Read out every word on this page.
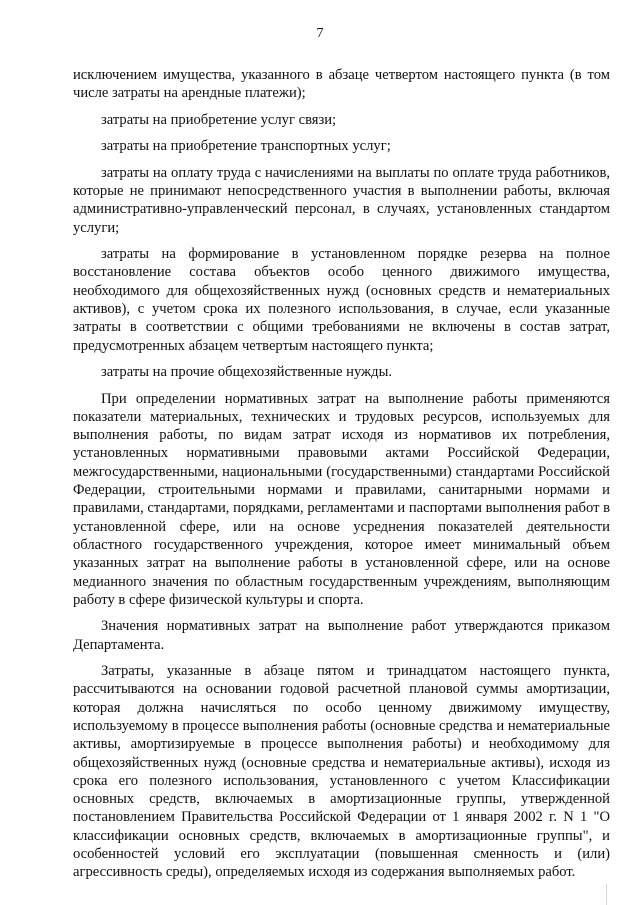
7

исключением имущества, указанного в абзаце четвертом настоящего пункта (в том числе затраты на арендные платежи);

затраты на приобретение услуг связи;

затраты на приобретение транспортных услуг;

затраты на оплату труда с начислениями на выплаты по оплате труда работников, которые не принимают непосредственного участия в выполнении работы, включая административно-управленческий персонал, в случаях, установленных стандартом услуги;

затраты на формирование в установленном порядке резерва на полное восстановление состава объектов особо ценного движимого имущества, необходимого для общехозяйственных нужд (основных средств и нематериальных активов), с учетом срока их полезного использования, в случае, если указанные затраты в соответствии с общими требованиями не включены в состав затрат, предусмотренных абзацем четвертым настоящего пункта;

затраты на прочие общехозяйственные нужды.

При определении нормативных затрат на выполнение работы применяются показатели материальных, технических и трудовых ресурсов, используемых для выполнения работы, по видам затрат исходя из нормативов их потребления, установленных нормативными правовыми актами Российской Федерации, межгосударственными, национальными (государственными) стандартами Российской Федерации, строительными нормами и правилами, санитарными нормами и правилами, стандартами, порядками, регламентами и паспортами выполнения работ в установленной сфере, или на основе усреднения показателей деятельности областного государственного учреждения, которое имеет минимальный объем указанных затрат на выполнение работы в установленной сфере, или на основе медианного значения по областным государственным учреждениям, выполняющим работу в сфере физической культуры и спорта.

Значения нормативных затрат на выполнение работ утверждаются приказом Департамента.

Затраты, указанные в абзаце пятом и тринадцатом настоящего пункта, рассчитываются на основании годовой расчетной плановой суммы амортизации, которая должна начисляться по особо ценному движимому имуществу, используемому в процессе выполнения работы (основные средства и нематериальные активы, амортизируемые в процессе выполнения работы) и необходимому для общехозяйственных нужд (основные средства и нематериальные активы), исходя из срока его полезного использования, установленного с учетом Классификации основных средств, включаемых в амортизационные группы, утвержденной постановлением Правительства Российской Федерации от 1 января 2002 г. N 1 "О классификации основных средств, включаемых в амортизационные группы", и особенностей условий его эксплуатации (повышенная сменность и (или) агрессивность среды), определяемых исходя из содержания выполняемых работ.
